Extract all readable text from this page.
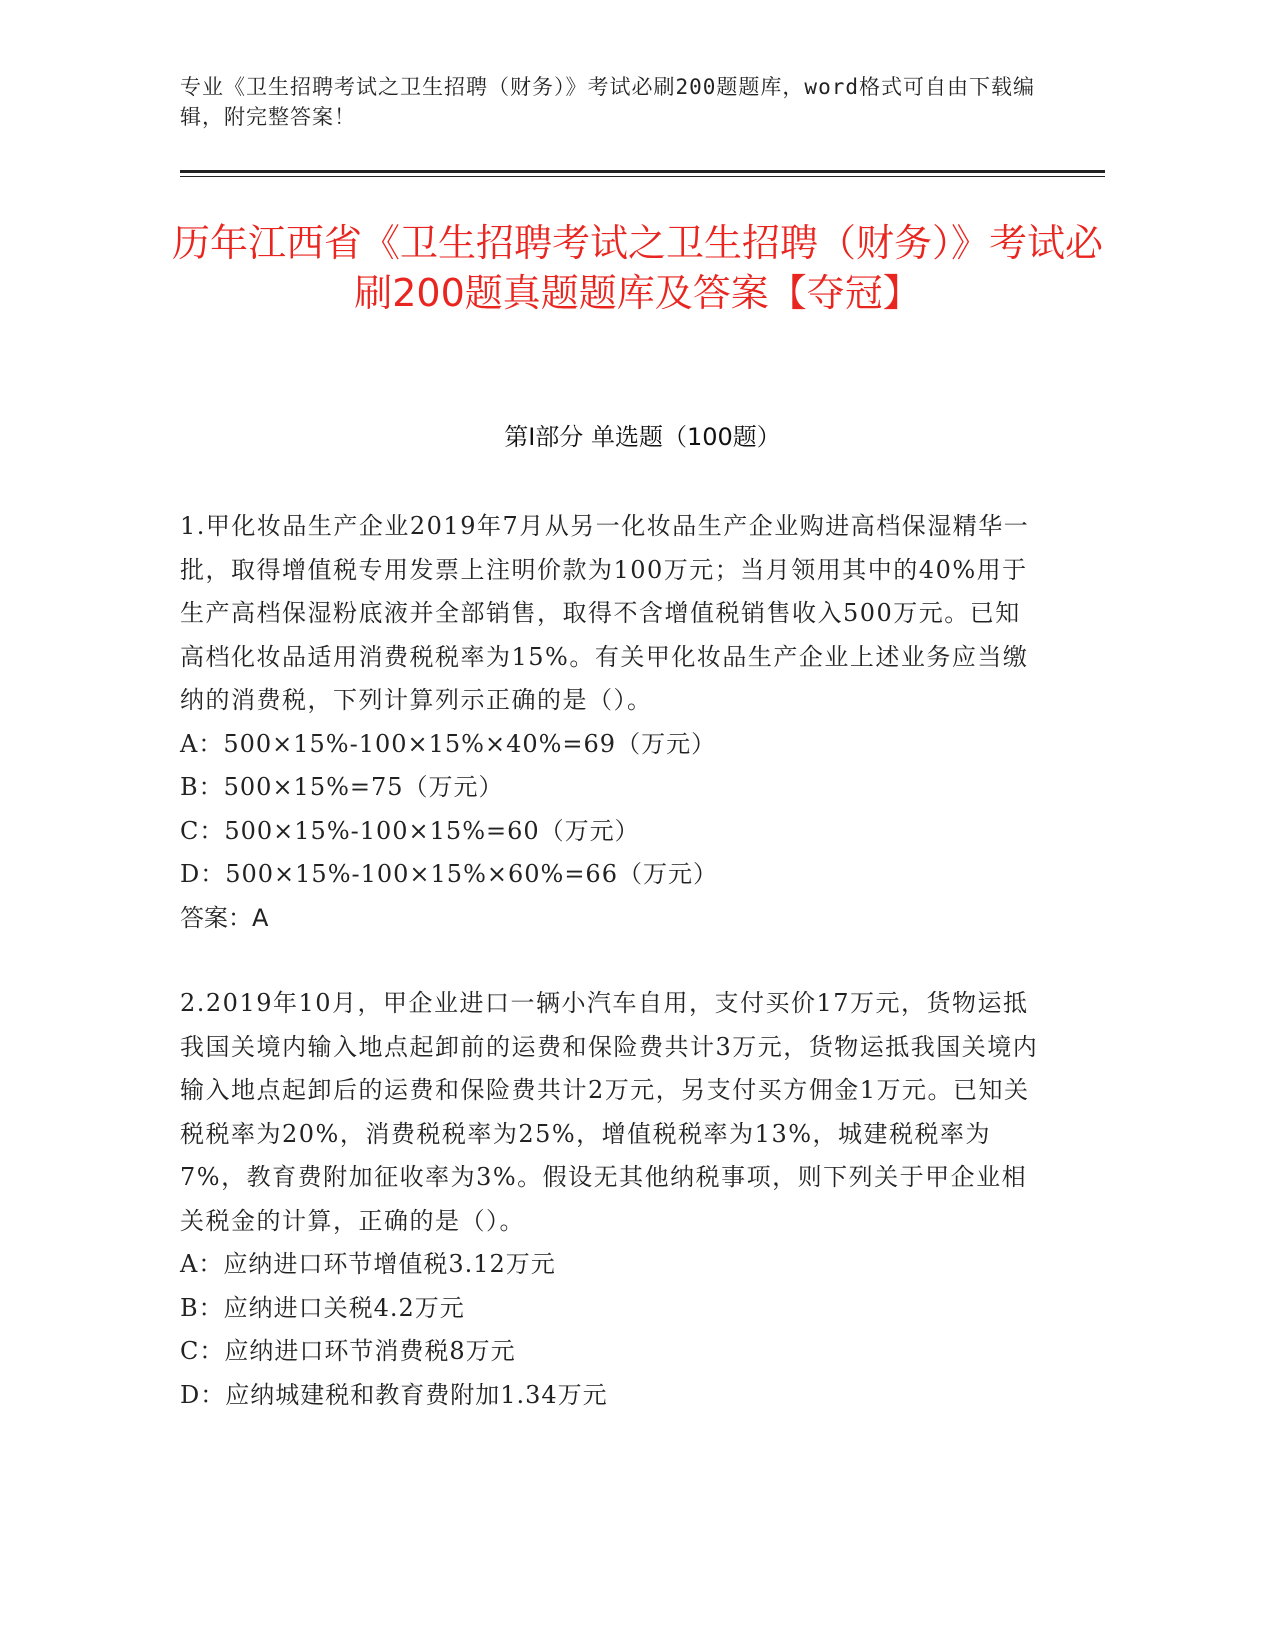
专业《卫生招聘考试之卫生招聘（财务）》考试必刷200题题库，word格式可自由下载编辑，附完整答案！
历年江西省《卫生招聘考试之卫生招聘（财务）》考试必刷200题真题题库及答案【夺冠】
第Ⅰ部分 单选题（100题）

1.甲化妆品生产企业2019年7月从另一化妆品生产企业购进高档保湿精华一批，取得增值税专用发票上注明价款为100万元；当月领用其中的40%用于生产高档保湿粉底液并全部销售，取得不含增值税销售收入500万元。已知高档化妆品适用消费税税率为15%。有关甲化妆品生产企业上述业务应当缴纳的消费税，下列计算列示正确的是（）。

A：500×15%-100×15%×40%=69（万元）

B：500×15%=75（万元）

C：500×15%-100×15%=60（万元）

D：500×15%-100×15%×60%=66（万元）

答案：A

2.2019年10月，甲企业进口一辆小汽车自用，支付买价17万元，货物运抵我国关境内输入地点起卸前的运费和保险费共计3万元，货物运抵我国关境内输入地点起卸后的运费和保险费共计2万元，另支付买方佣金1万元。已知关税税率为20%，消费税税率为25%，增值税税率为13%，城建税税率为7%，教育费附加征收率为3%。假设无其他纳税事项，则下列关于甲企业相关税金的计算，正确的是（）。

A：应纳进口环节增值税3.12万元

B：应纳进口关税4.2万元

C：应纳进口环节消费税8万元

D：应纳城建税和教育费附加1.34万元
